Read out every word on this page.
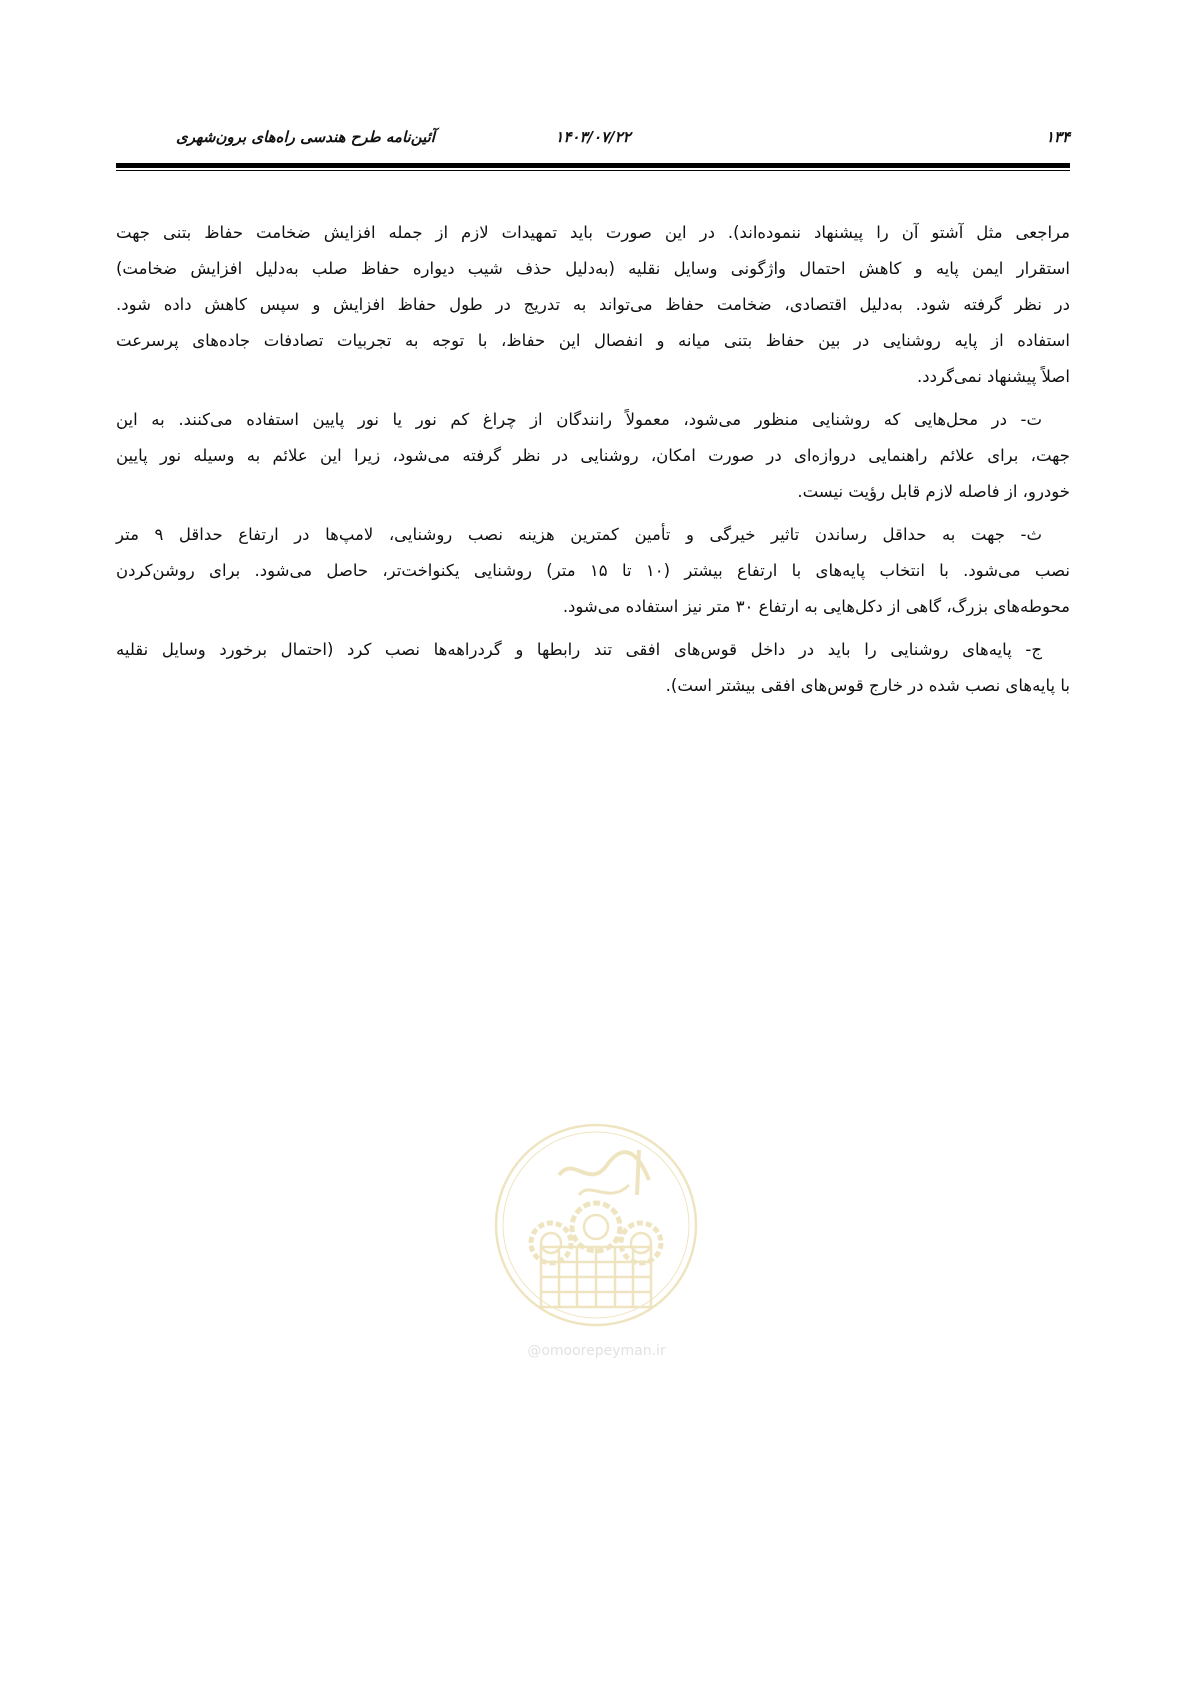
۱۳۴
۱۴۰۳/۰۷/۲۲
آئین‌نامه طرح هندسی راه‌های برون‌شهری
مراجعی مثل آشتو آن را پیشنهاد ننموده‌اند). در این صورت باید تمهیدات لازم از جمله افزایش ضخامت حفاظ بتنی جهت
استقرار ایمن پایه و کاهش احتمال واژگونی وسایل نقلیه (به‌دلیل حذف شیب دیواره حفاظ صلب به‌دلیل افزایش ضخامت)
در نظر گرفته شود. به‌دلیل اقتصادی، ضخامت حفاظ می‌تواند به تدریج در طول حفاظ افزایش و سپس کاهش داده شود.
استفاده از پایه روشنایی در بین حفاظ بتنی میانه و انفصال این حفاظ، با توجه به تجربیات تصادفات جاده‌های پرسرعت
اصلاً پیشنهاد نمی‌گردد.
ت- در محل‌هایی که روشنایی منظور می‌شود، معمولاً رانندگان از چراغ کم نور یا نور پایین استفاده می‌کنند. به این
جهت، برای علائم راهنمایی دروازه‌ای در صورت امکان، روشنایی در نظر گرفته می‌شود، زیرا این علائم به وسیله نور پایین
خودرو، از فاصله لازم قابل رؤیت نیست.
ث- جهت به حداقل رساندن تاثیر خیرگی و تأمین کمترین هزینه نصب روشنایی، لامپ‌ها در ارتفاع حداقل ۹ متر
نصب می‌شود. با انتخاب پایه‌های با ارتفاع بیشتر (۱۰ تا ۱۵ متر) روشنایی یکنواخت‌تر، حاصل می‌شود. برای روشن‌کردن
محوطه‌های بزرگ، گاهی از دکل‌هایی به ارتفاع ۳۰ متر نیز استفاده می‌شود.
ج- پایه‌های روشنایی را باید در داخل قوس‌های افقی تند رابطها و گردراهه‌ها نصب کرد (احتمال برخورد وسایل نقلیه
با پایه‌های نصب شده در خارج قوس‌های افقی بیشتر است).
@omoorepeyman.ir
